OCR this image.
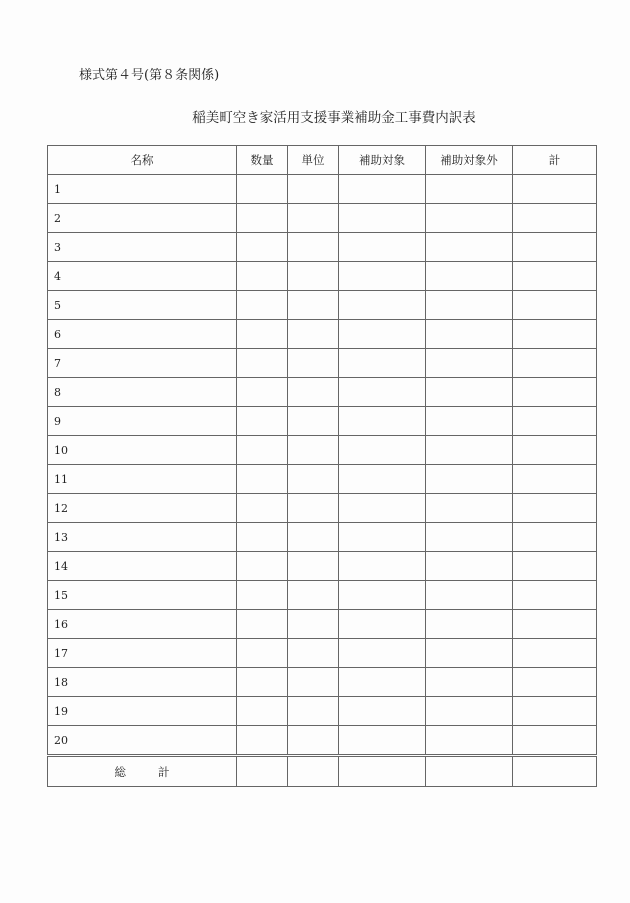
様式第４号(第８条関係)
稲美町空き家活用支援事業補助金工事費内訳表
名称	数量	単位	補助対象	補助対象外	計
1					
2					
3					
4					
5					
6					
7					
8					
9					
10					
11					
12					
13					
14					
15					
16					
17					
18					
19					
20					
総 計					
